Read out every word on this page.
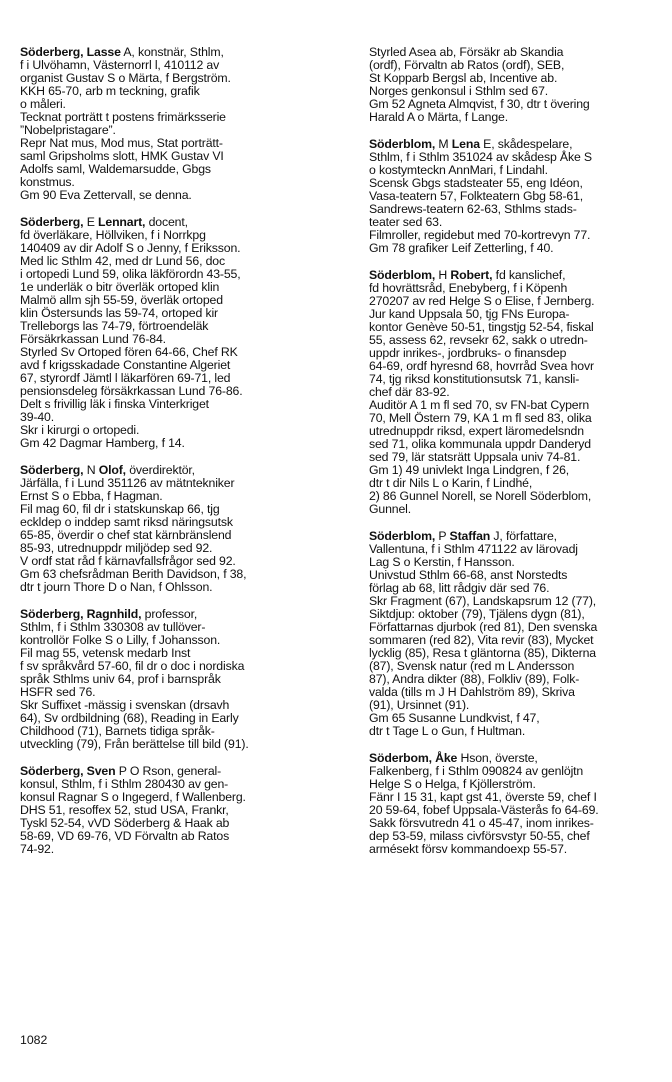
Söderberg, Lasse A, konstnär, Sthlm,
f i Ulvöhamn, Västernorrl l, 410112 av
organist Gustav S o Märta, f Bergström.
KKH 65-70, arb m teckning, grafik
o måleri.
Tecknat porträtt t postens frimärksserie
”Nobelpristagare”.
Repr Nat mus, Mod mus, Stat porträtt-
saml Gripsholms slott, HMK Gustav VI
Adolfs saml, Waldemarsudde, Gbgs
konstmus.
Gm 90 Eva Zettervall, se denna.
Söderberg, E Lennart, docent,
fd överläkare, Höllviken, f i Norrkpg
140409 av dir Adolf S o Jenny, f Eriksson.
Med lic Sthlm 42, med dr Lund 56, doc
i ortopedi Lund 59, olika läkförordn 43-55,
1e underläk o bitr överläk ortoped klin
Malmö allm sjh 55-59, överläk ortoped
klin Östersunds las 59-74, ortoped kir
Trelleborgs las 74-79, förtroendeläk
Försäkrkassan Lund 76-84.
Styrled Sv Ortoped fören 64-66, Chef RK
avd f krigsskadade Constantine Algeriet
67, styrordf Jämtl l läkarfören 69-71, led
pensionsdeleg försäkrkassan Lund 76-86.
Delt s frivillig läk i finska Vinterkriget
39-40.
Skr i kirurgi o ortopedi.
Gm 42 Dagmar Hamberg, f 14.
Söderberg, N Olof, överdirektör,
Järfälla, f i Lund 351126 av mätntekniker
Ernst S o Ebba, f Hagman.
Fil mag 60, fil dr i statskunskap 66, tjg
eckldep o inddep samt riksd näringsutsk
65-85, överdir o chef stat kärnbränslend
85-93, utrednuppdr miljödep sed 92.
V ordf stat råd f kärnavfallsfrågor sed 92.
Gm 63 chefsrådman Berith Davidson, f 38,
dtr t journ Thore D o Nan, f Ohlsson.
Söderberg, Ragnhild, professor,
Sthlm, f i Sthlm 330308 av tullöver-
kontrollör Folke S o Lilly, f Johansson.
Fil mag 55, vetensk medarb Inst
f sv språkvård 57-60, fil dr o doc i nordiska
språk Sthlms univ 64, prof i barnspråk
HSFR sed 76.
Skr Suffixet -mässig i svenskan (drsavh
64), Sv ordbildning (68), Reading in Early
Childhood (71), Barnets tidiga språk-
utveckling (79), Från berättelse till bild (91).
Söderberg, Sven P O Rson, general-
konsul, Sthlm, f i Sthlm 280430 av gen-
konsul Ragnar S o Ingegerd, f Wallenberg.
DHS 51, resoffex 52, stud USA, Frankr,
Tyskl 52-54, vVD Söderberg & Haak ab
58-69, VD 69-76, VD Förvaltn ab Ratos
74-92.
Styrled Asea ab, Försäkr ab Skandia
(ordf), Förvaltn ab Ratos (ordf), SEB,
St Kopparb Bergsl ab, Incentive ab.
Norges genkonsul i Sthlm sed 67.
Gm 52 Agneta Almqvist, f 30, dtr t övering
Harald A o Märta, f Lange.
Söderblom, M Lena E, skådespelare,
Sthlm, f i Sthlm 351024 av skådesp Åke S
o kostymteckn AnnMari, f Lindahl.
Scensk Gbgs stadsteater 55, eng Idéon,
Vasa-teatern 57, Folkteatern Gbg 58-61,
Sandrews-teatern 62-63, Sthlms stads-
teater sed 63.
Filmroller, regidebut med 70-kortrevyn 77.
Gm 78 grafiker Leif Zetterling, f 40.
Söderblom, H Robert, fd kanslichef,
fd hovrättsråd, Enebyberg, f i Köpenh
270207 av red Helge S o Elise, f Jernberg.
Jur kand Uppsala 50, tjg FNs Europa-
kontor Genève 50-51, tingstjg 52-54, fiskal
55, assess 62, revsekr 62, sakk o utredn-
uppdr inrikes-, jordbruks- o finansdep
64-69, ordf hyresnd 68, hovrråd Svea hovr
74, tjg riksd konstitutionsutsk 71, kansli-
chef där 83-92.
Auditör A 1 m fl sed 70, sv FN-bat Cypern
70, Mell Östern 79, KA 1 m fl sed 83, olika
utrednuppdr riksd, expert läromedelsndn
sed 71, olika kommunala uppdr Danderyd
sed 79, lär statsrätt Uppsala univ 74-81.
Gm 1) 49 univlekt Inga Lindgren, f 26,
dtr t dir Nils L o Karin, f Lindhé,
2) 86 Gunnel Norell, se Norell Söderblom,
Gunnel.
Söderblom, P Staffan J, författare,
Vallentuna, f i Sthlm 471122 av lärovadj
Lag S o Kerstin, f Hansson.
Univstud Sthlm 66-68, anst Norstedts
förlag ab 68, litt rådgiv där sed 76.
Skr Fragment (67), Landskapsrum 12 (77),
Siktdjup: oktober (79), Tjälens dygn (81),
Författarnas djurbok (red 81), Den svenska
sommaren (red 82), Vita revir (83), Mycket
lycklig (85), Resa t gläntorna (85), Dikterna
(87), Svensk natur (red m L Andersson
87), Andra dikter (88), Folkliv (89), Folk-
valda (tills m J H Dahlström 89), Skriva
(91), Ursinnet (91).
Gm 65 Susanne Lundkvist, f 47,
dtr t Tage L o Gun, f Hultman.
Söderbom, Åke Hson, överste,
Falkenberg, f i Sthlm 090824 av genlöjtn
Helge S o Helga, f Kjöllerström.
Fänr I 15 31, kapt gst 41, överste 59, chef I
20 59-64, fobef Uppsala-Västerås fo 64-69.
Sakk försvutredn 41 o 45-47, inom inrikes-
dep 53-59, milass civförsvstyr 50-55, chef
armésekt försv kommandoexp 55-57.
1082
